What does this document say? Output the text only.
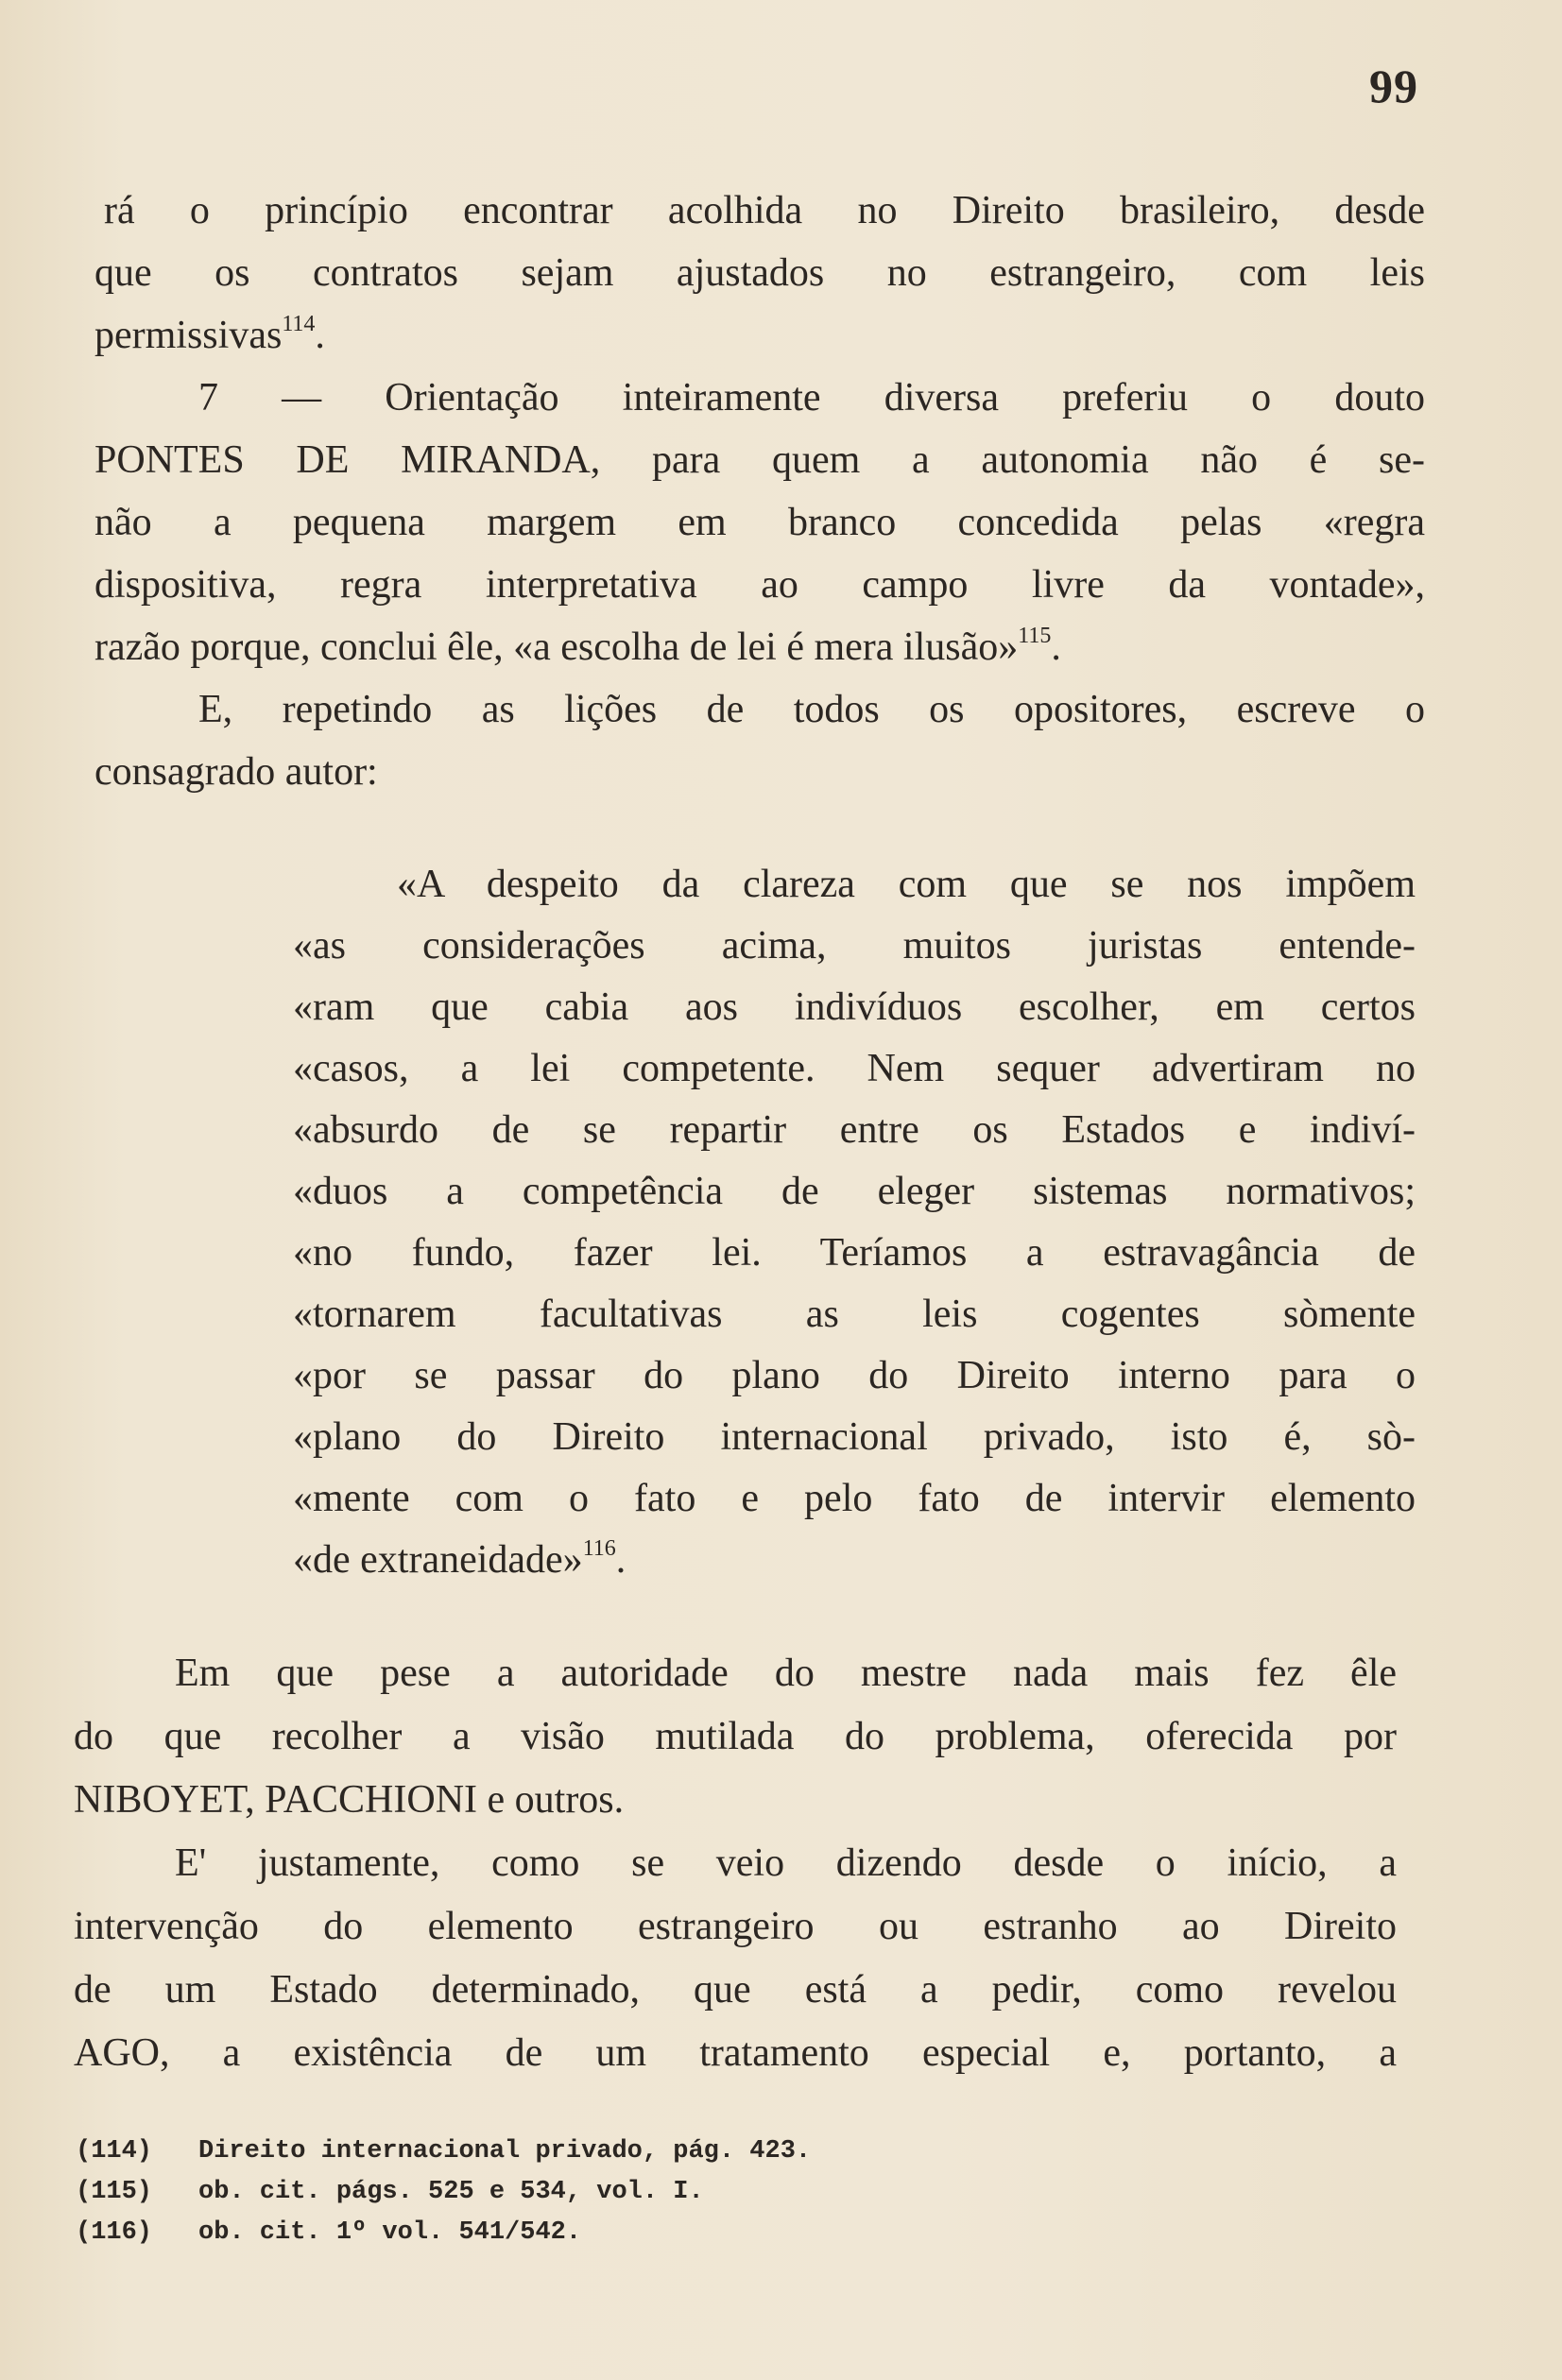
99
rá o princípio encontrar acolhida no Direito brasileiro, desde
que os contratos sejam ajustados no estrangeiro, com leis
permissivas$^{114}$.
7 — Orientação inteiramente diversa preferiu o douto
PONTES DE MIRANDA, para quem a autonomia não é se-
não a pequena margem em branco concedida pelas «regra
dispositiva, regra interpretativa ao campo livre da vontade»,
razão porque, conclui êle, «a escolha de lei é mera ilusão»$^{115}$.
E, repetindo as lições de todos os opositores, escreve o
consagrado autor:
«A despeito da clareza com que se nos impõem
«as considerações acima, muitos juristas entende-
«ram que cabia aos indivíduos escolher, em certos
«casos, a lei competente. Nem sequer advertiram no
«absurdo de se repartir entre os Estados e indiví-
«duos a competência de eleger sistemas normativos;
«no fundo, fazer lei. Teríamos a estravagância de
«tornarem facultativas as leis cogentes sòmente
«por se passar do plano do Direito interno para o
«plano do Direito internacional privado, isto é, sò-
«mente com o fato e pelo fato de intervir elemento
«de extraneidade»$^{116}$.
Em que pese a autoridade do mestre nada mais fez êle
do que recolher a visão mutilada do problema, oferecida por
NIBOYET, PACCHIONI e outros.
E' justamente, como se veio dizendo desde o início, a
intervenção do elemento estrangeiro ou estranho ao Direito
de um Estado determinado, que está a pedir, como revelou
AGO, a existência de um tratamento especial e, portanto, a
(114) Direito internacional privado, pág. 423.
(115) ob. cit. págs. 525 e 534, vol. I.
(116) ob. cit. 1º vol. 541/542.
